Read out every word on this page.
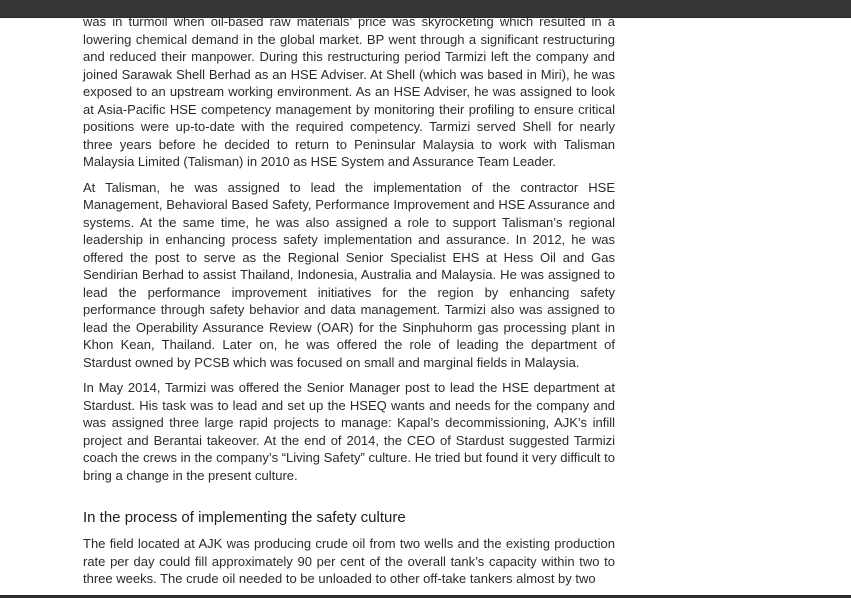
was in turmoil when oil-based raw materials’ price was skyrocketing which resulted in a lowering chemical demand in the global market. BP went through a significant restructuring and reduced their manpower. During this restructuring period Tarmizi left the company and joined Sarawak Shell Berhad as an HSE Adviser. At Shell (which was based in Miri), he was exposed to an upstream working environment. As an HSE Adviser, he was assigned to look at Asia-Pacific HSE competency management by monitoring their profiling to ensure critical positions were up-to-date with the required competency. Tarmizi served Shell for nearly three years before he decided to return to Peninsular Malaysia to work with Talisman Malaysia Limited (Talisman) in 2010 as HSE System and Assurance Team Leader.

At Talisman, he was assigned to lead the implementation of the contractor HSE Management, Behavioral Based Safety, Performance Improvement and HSE Assurance and systems. At the same time, he was also assigned a role to support Talisman’s regional leadership in enhancing process safety implementation and assurance. In 2012, he was offered the post to serve as the Regional Senior Specialist EHS at Hess Oil and Gas Sendirian Berhad to assist Thailand, Indonesia, Australia and Malaysia. He was assigned to lead the performance improvement initiatives for the region by enhancing safety performance through safety behavior and data management. Tarmizi also was assigned to lead the Operability Assurance Review (OAR) for the Sinphuhorm gas processing plant in Khon Kean, Thailand. Later on, he was offered the role of leading the department of Stardust owned by PCSB which was focused on small and marginal fields in Malaysia.

In May 2014, Tarmizi was offered the Senior Manager post to lead the HSE department at Stardust. His task was to lead and set up the HSEQ wants and needs for the company and was assigned three large rapid projects to manage: Kapal’s decommissioning, AJK’s infill project and Berantai takeover. At the end of 2014, the CEO of Stardust suggested Tarmizi coach the crews in the company’s “Living Safety” culture. He tried but found it very difficult to bring a change in the present culture.

In the process of implementing the safety culture

The field located at AJK was producing crude oil from two wells and the existing production rate per day could fill approximately 90 per cent of the overall tank’s capacity within two to three weeks. The crude oil needed to be unloaded to other off-take tankers almost by two
